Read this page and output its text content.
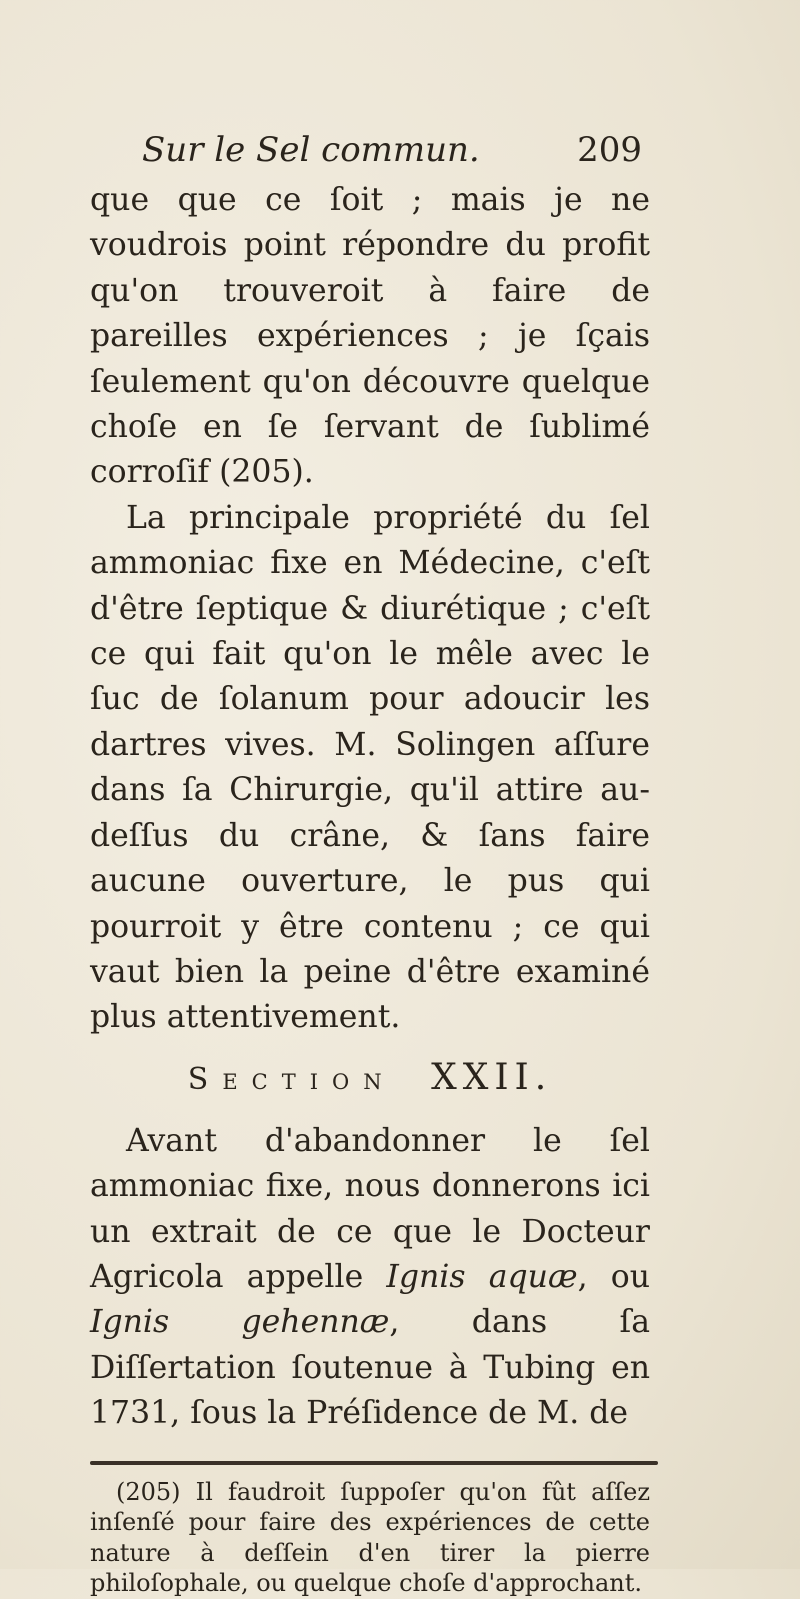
Sur le Sel commun.	209

que que ce ſoit ; mais je ne voudrois point répondre du profit qu'on trouveroit à faire de pareilles expériences ; je ſçais ſeulement qu'on découvre quelque choſe en ſe ſervant de ſublimé corroſif (205).

La principale propriété du ſel ammoniac fixe en Médecine, c'eſt d'être ſeptique & diurétique ; c'eſt ce qui fait qu'on le mêle avec le ſuc de ſolanum pour adoucir les dartres vives. M. Solingen aſſure dans ſa Chirurgie, qu'il attire au-deſſus du crâne, & ſans faire aucune ouverture, le pus qui pourroit y être contenu ; ce qui vaut bien la peine d'être examiné plus attentivement.

Section XXII.

Avant d'abandonner le ſel ammoniac fixe, nous donnerons ici un extrait de ce que le Docteur Agricola appelle Ignis aquæ, ou Ignis gehennæ, dans ſa Diſſertation ſoutenue à Tubing en 1731, ſous la Préſidence de M. de

(205) Il faudroit ſuppoſer qu'on fût aſſez inſenſé pour faire des expériences de cette nature à deſſein d'en tirer la pierre philoſophale, ou quelque choſe d'approchant.
